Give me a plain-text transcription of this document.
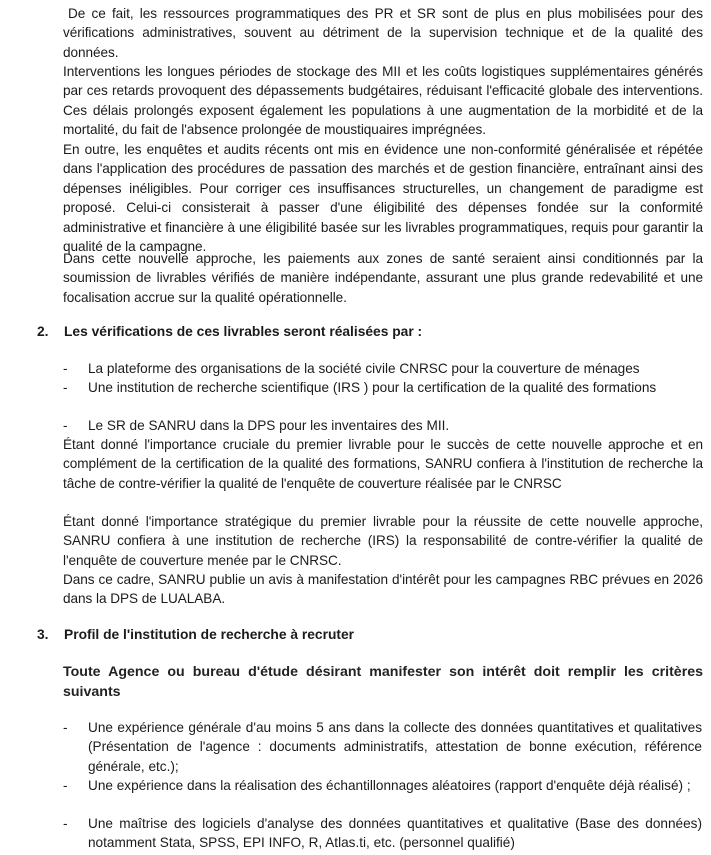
De ce fait, les ressources programmatiques des PR et SR sont de plus en plus mobilisées pour des vérifications administratives, souvent au détriment de la supervision technique et de la qualité des données.
Interventions les longues périodes de stockage des MII et les coûts logistiques supplémentaires générés par ces retards provoquent des dépassements budgétaires, réduisant l'efficacité globale des interventions. Ces délais prolongés exposent également les populations à une augmentation de la morbidité et de la mortalité, du fait de l'absence prolongée de moustiquaires imprégnées.
En outre, les enquêtes et audits récents ont mis en évidence une non-conformité généralisée et répétée dans l'application des procédures de passation des marchés et de gestion financière, entraînant ainsi des dépenses inéligibles. Pour corriger ces insuffisances structurelles, un changement de paradigme est proposé. Celui-ci consisterait à passer d'une éligibilité des dépenses fondée sur la conformité administrative et financière à une éligibilité basée sur les livrables programmatiques, requis pour garantir la qualité de la campagne.
Dans cette nouvelle approche, les paiements aux zones de santé seraient ainsi conditionnés par la soumission de livrables vérifiés de manière indépendante, assurant une plus grande redevabilité et une focalisation accrue sur la qualité opérationnelle.
2. Les vérifications de ces livrables seront réalisées par :
- La plateforme des organisations de la société civile CNRSC pour la couverture de ménages
- Une institution de recherche scientifique (IRS ) pour la certification de la qualité des formations
- Le SR de SANRU dans la DPS pour les inventaires des MII.
Étant donné l'importance cruciale du premier livrable pour le succès de cette nouvelle approche et en complément de la certification de la qualité des formations, SANRU confiera à l'institution de recherche la tâche de contre-vérifier la qualité de l'enquête de couverture réalisée par le CNRSC
Étant donné l'importance stratégique du premier livrable pour la réussite de cette nouvelle approche, SANRU confiera à une institution de recherche (IRS) la responsabilité de contre-vérifier la qualité de l'enquête de couverture menée par le CNRSC.
Dans ce cadre, SANRU publie un avis à manifestation d'intérêt pour les campagnes RBC prévues en 2026 dans la DPS de LUALABA.
3. Profil de l'institution de recherche à recruter
Toute Agence ou bureau d'étude désirant manifester son intérêt doit remplir les critères suivants
- Une expérience générale d'au moins 5 ans dans la collecte des données quantitatives et qualitatives (Présentation de l'agence : documents administratifs, attestation de bonne exécution, référence générale, etc.);
- Une expérience dans la réalisation des échantillonnages aléatoires (rapport d'enquête déjà réalisé) ;
- Une maîtrise des logiciels d'analyse des données quantitatives et qualitative (Base des données) notamment Stata, SPSS, EPI INFO, R, Atlas.ti, etc. (personnel qualifié)
